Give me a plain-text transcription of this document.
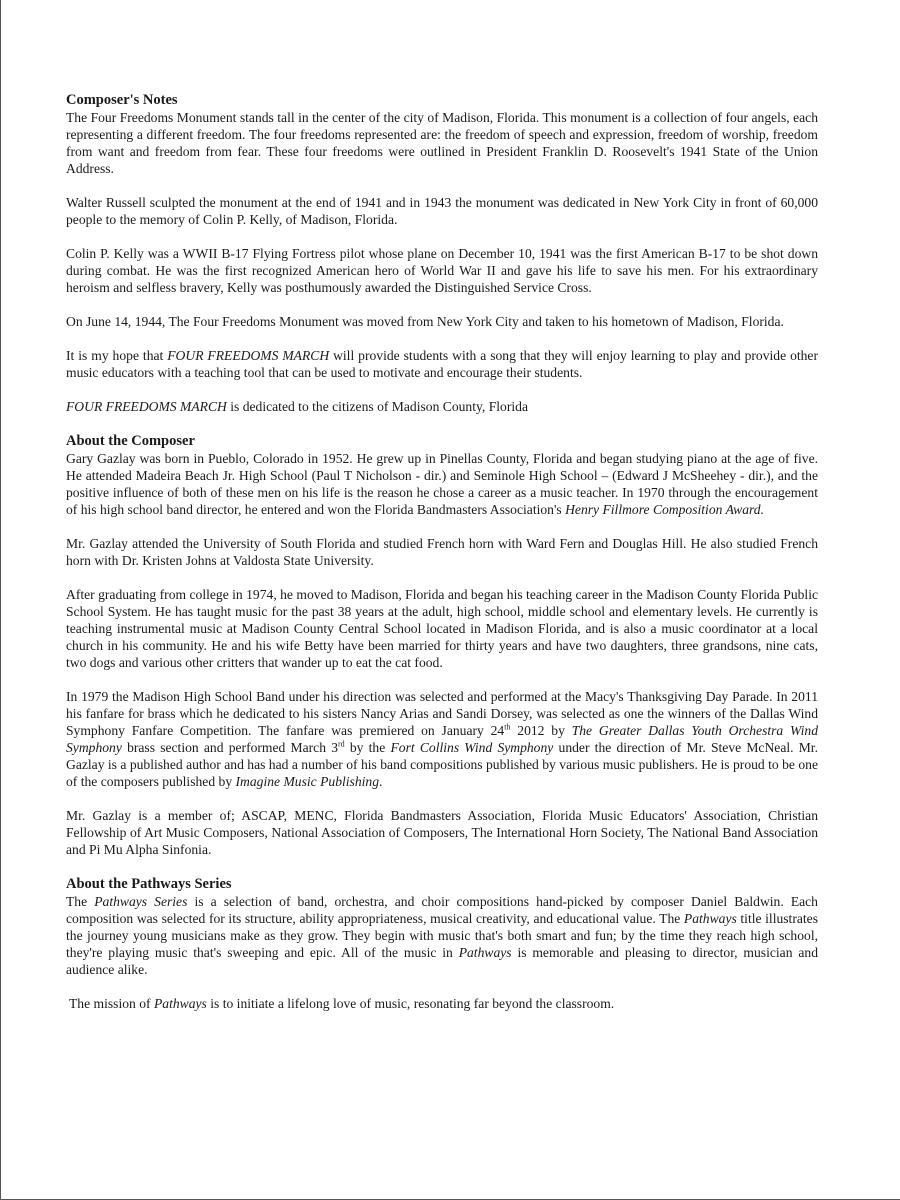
Composer's Notes

The Four Freedoms Monument stands tall in the center of the city of Madison, Florida. This monument is a collection of four angels, each representing a different freedom. The four freedoms represented are: the freedom of speech and expression, freedom of worship, freedom from want and freedom from fear. These four freedoms were outlined in President Franklin D. Roosevelt's 1941 State of the Union Address.

Walter Russell sculpted the monument at the end of 1941 and in 1943 the monument was dedicated in New York City in front of 60,000 people to the memory of Colin P. Kelly, of Madison, Florida.

Colin P. Kelly was a WWII B-17 Flying Fortress pilot whose plane on December 10, 1941 was the first American B-17 to be shot down during combat. He was the first recognized American hero of World War II and gave his life to save his men. For his extraordinary heroism and selfless bravery, Kelly was posthumously awarded the Distinguished Service Cross.

On June 14, 1944, The Four Freedoms Monument was moved from New York City and taken to his hometown of Madison, Florida.

It is my hope that FOUR FREEDOMS MARCH will provide students with a song that they will enjoy learning to play and provide other music educators with a teaching tool that can be used to motivate and encourage their students.

FOUR FREEDOMS MARCH is dedicated to the citizens of Madison County, Florida

About the Composer

Gary Gazlay was born in Pueblo, Colorado in 1952. He grew up in Pinellas County, Florida and began studying piano at the age of five. He attended Madeira Beach Jr. High School (Paul T Nicholson - dir.) and Seminole High School – (Edward J McSheehey - dir.), and the positive influence of both of these men on his life is the reason he chose a career as a music teacher. In 1970 through the encouragement of his high school band director, he entered and won the Florida Bandmasters Association's Henry Fillmore Composition Award.

Mr. Gazlay attended the University of South Florida and studied French horn with Ward Fern and Douglas Hill. He also studied French horn with Dr. Kristen Johns at Valdosta State University.

After graduating from college in 1974, he moved to Madison, Florida and began his teaching career in the Madison County Florida Public School System. He has taught music for the past 38 years at the adult, high school, middle school and elementary levels. He currently is teaching instrumental music at Madison County Central School located in Madison Florida, and is also a music coordinator at a local church in his community. He and his wife Betty have been married for thirty years and have two daughters, three grandsons, nine cats, two dogs and various other critters that wander up to eat the cat food.

In 1979 the Madison High School Band under his direction was selected and performed at the Macy's Thanksgiving Day Parade. In 2011 his fanfare for brass which he dedicated to his sisters Nancy Arias and Sandi Dorsey, was selected as one the winners of the Dallas Wind Symphony Fanfare Competition. The fanfare was premiered on January 24th 2012 by The Greater Dallas Youth Orchestra Wind Symphony brass section and performed March 3rd by the Fort Collins Wind Symphony under the direction of Mr. Steve McNeal. Mr. Gazlay is a published author and has had a number of his band compositions published by various music publishers. He is proud to be one of the composers published by Imagine Music Publishing.

Mr. Gazlay is a member of; ASCAP, MENC, Florida Bandmasters Association, Florida Music Educators' Association, Christian Fellowship of Art Music Composers, National Association of Composers, The International Horn Society, The National Band Association and Pi Mu Alpha Sinfonia.

About the Pathways Series

The Pathways Series is a selection of band, orchestra, and choir compositions hand-picked by composer Daniel Baldwin. Each composition was selected for its structure, ability appropriateness, musical creativity, and educational value. The Pathways title illustrates the journey young musicians make as they grow. They begin with music that's both smart and fun; by the time they reach high school, they're playing music that's sweeping and epic. All of the music in Pathways is memorable and pleasing to director, musician and audience alike.

The mission of Pathways is to initiate a lifelong love of music, resonating far beyond the classroom.
